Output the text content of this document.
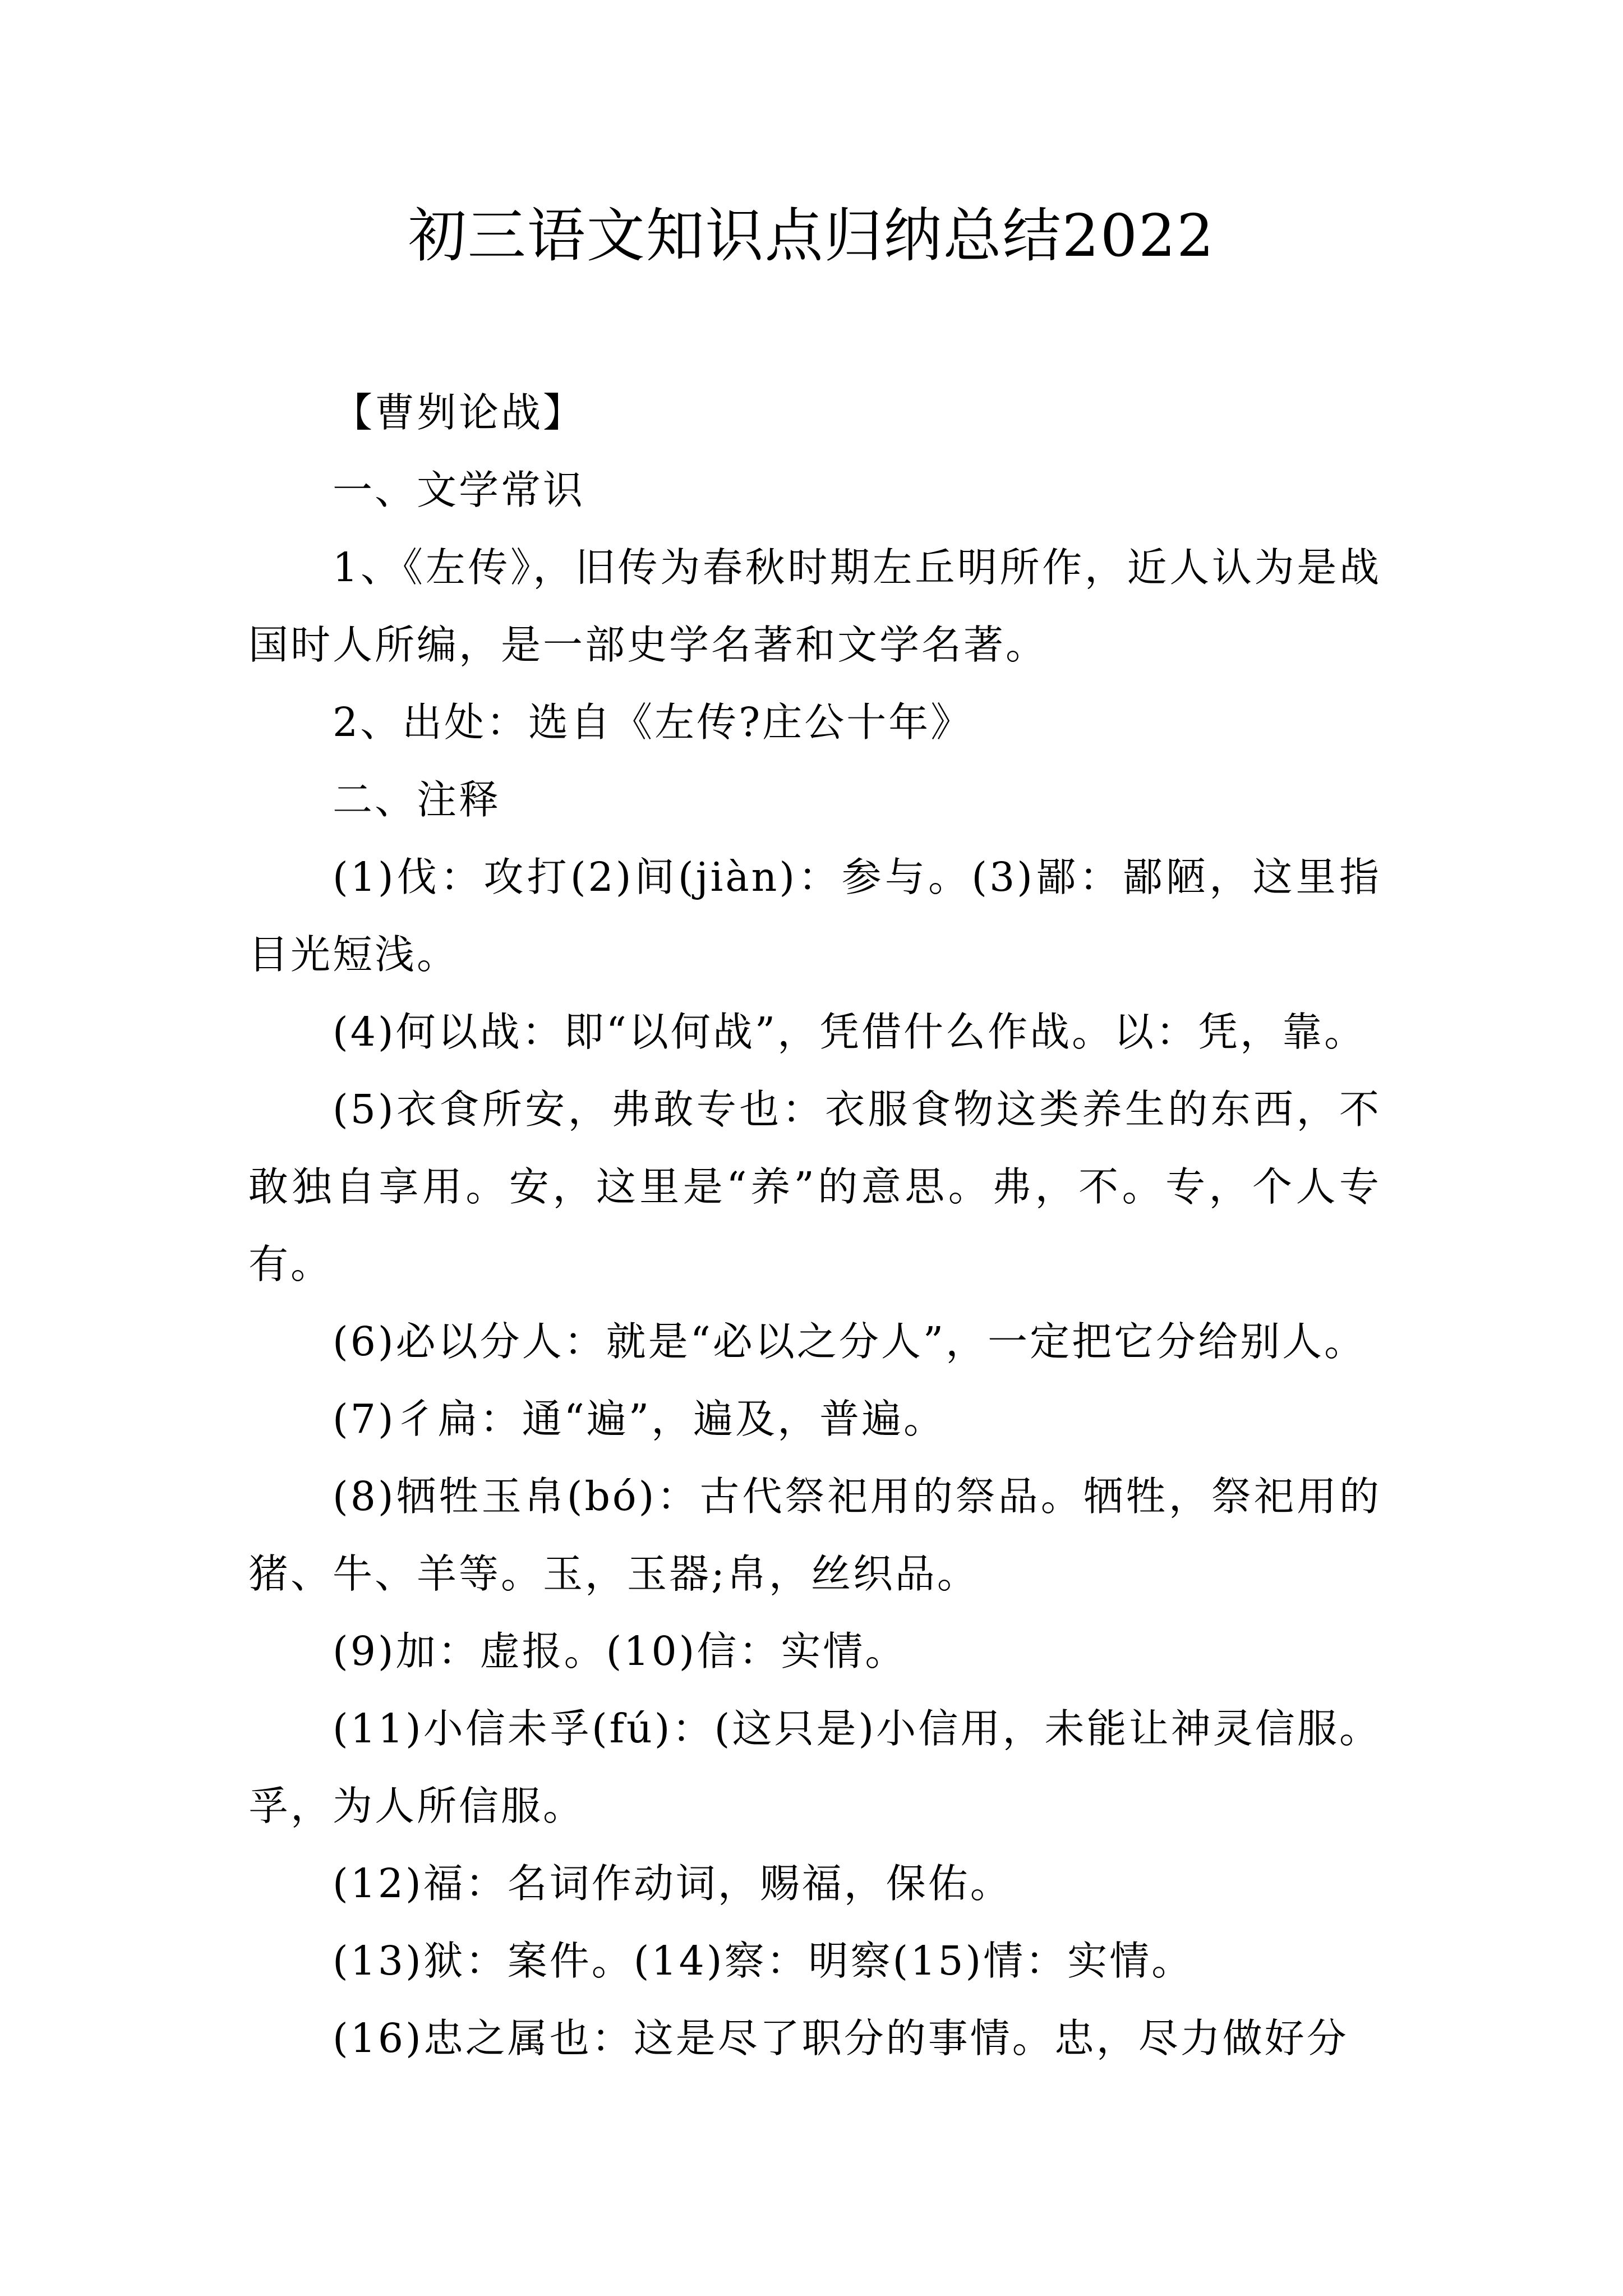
初三语文知识点归纳总结2022

【曹刿论战】

一、文学常识

1、《左传》，旧传为春秋时期左丘明所作，近人认为是战国时人所编，是一部史学名著和文学名著。

2、出处：选自《左传?庄公十年》

二、注释

(1)伐：攻打(2)间(jiàn)：参与。(3)鄙：鄙陋，这里指目光短浅。

(4)何以战：即“以何战”，凭借什么作战。以：凭，靠。

(5)衣食所安，弗敢专也：衣服食物这类养生的东西，不敢独自享用。安，这里是“养”的意思。弗，不。专，个人专有。

(6)必以分人：就是“必以之分人”，一定把它分给别人。

(7)彳扁：通“遍”，遍及，普遍。

(8)牺牲玉帛(bó)：古代祭祀用的祭品。牺牲，祭祀用的猪、牛、羊等。玉，玉器;帛，丝织品。

(9)加：虚报。(10)信：实情。

(11)小信未孚(fú)：(这只是)小信用，未能让神灵信服。孚，为人所信服。

(12)福：名词作动词，赐福，保佑。

(13)狱：案件。(14)察：明察(15)情：实情。

(16)忠之属也：这是尽了职分的事情。忠，尽力做好分
